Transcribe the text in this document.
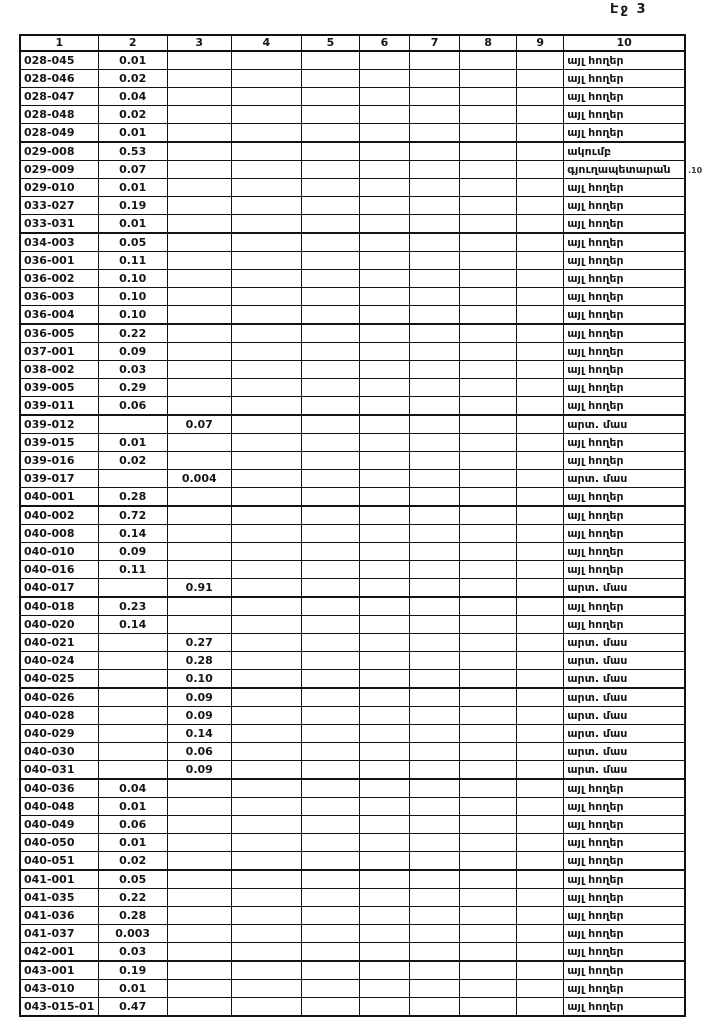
Էջ 3
.10
1	2	3	4	5	6	7	8	9	10
028-045	0.01								այլ հողեր
028-046	0.02								այլ հողեր
028-047	0.04								այլ հողեր
028-048	0.02								այլ հողեր
028-049	0.01								այլ հողեր
029-008	0.53								ակումբ
029-009	0.07								գյուղապետարան
029-010	0.01								այլ հողեր
033-027	0.19								այլ հողեր
033-031	0.01								այլ հողեր
034-003	0.05								այլ հողեր
036-001	0.11								այլ հողեր
036-002	0.10								այլ հողեր
036-003	0.10								այլ հողեր
036-004	0.10								այլ հողեր
036-005	0.22								այլ հողեր
037-001	0.09								այլ հողեր
038-002	0.03								այլ հողեր
039-005	0.29								այլ հողեր
039-011	0.06								այլ հողեր
039-012		0.07							արտ. մաս
039-015	0.01								այլ հողեր
039-016	0.02								այլ հողեր
039-017		0.004							արտ. մաս
040-001	0.28								այլ հողեր
040-002	0.72								այլ հողեր
040-008	0.14								այլ հողեր
040-010	0.09								այլ հողեր
040-016	0.11								այլ հողեր
040-017		0.91							արտ. մաս
040-018	0.23								այլ հողեր
040-020	0.14								այլ հողեր
040-021		0.27							արտ. մաս
040-024		0.28							արտ. մաս
040-025		0.10							արտ. մաս
040-026		0.09							արտ. մաս
040-028		0.09							արտ. մաս
040-029		0.14							արտ. մաս
040-030		0.06							արտ. մաս
040-031		0.09							արտ. մաս
040-036	0.04								այլ հողեր
040-048	0.01								այլ հողեր
040-049	0.06								այլ հողեր
040-050	0.01								այլ հողեր
040-051	0.02								այլ հողեր
041-001	0.05								այլ հողեր
041-035	0.22								այլ հողեր
041-036	0.28								այլ հողեր
041-037	0.003								այլ հողեր
042-001	0.03								այլ հողեր
043-001	0.19								այլ հողեր
043-010	0.01								այլ հողեր
043-015-01	0.47								այլ հողեր
